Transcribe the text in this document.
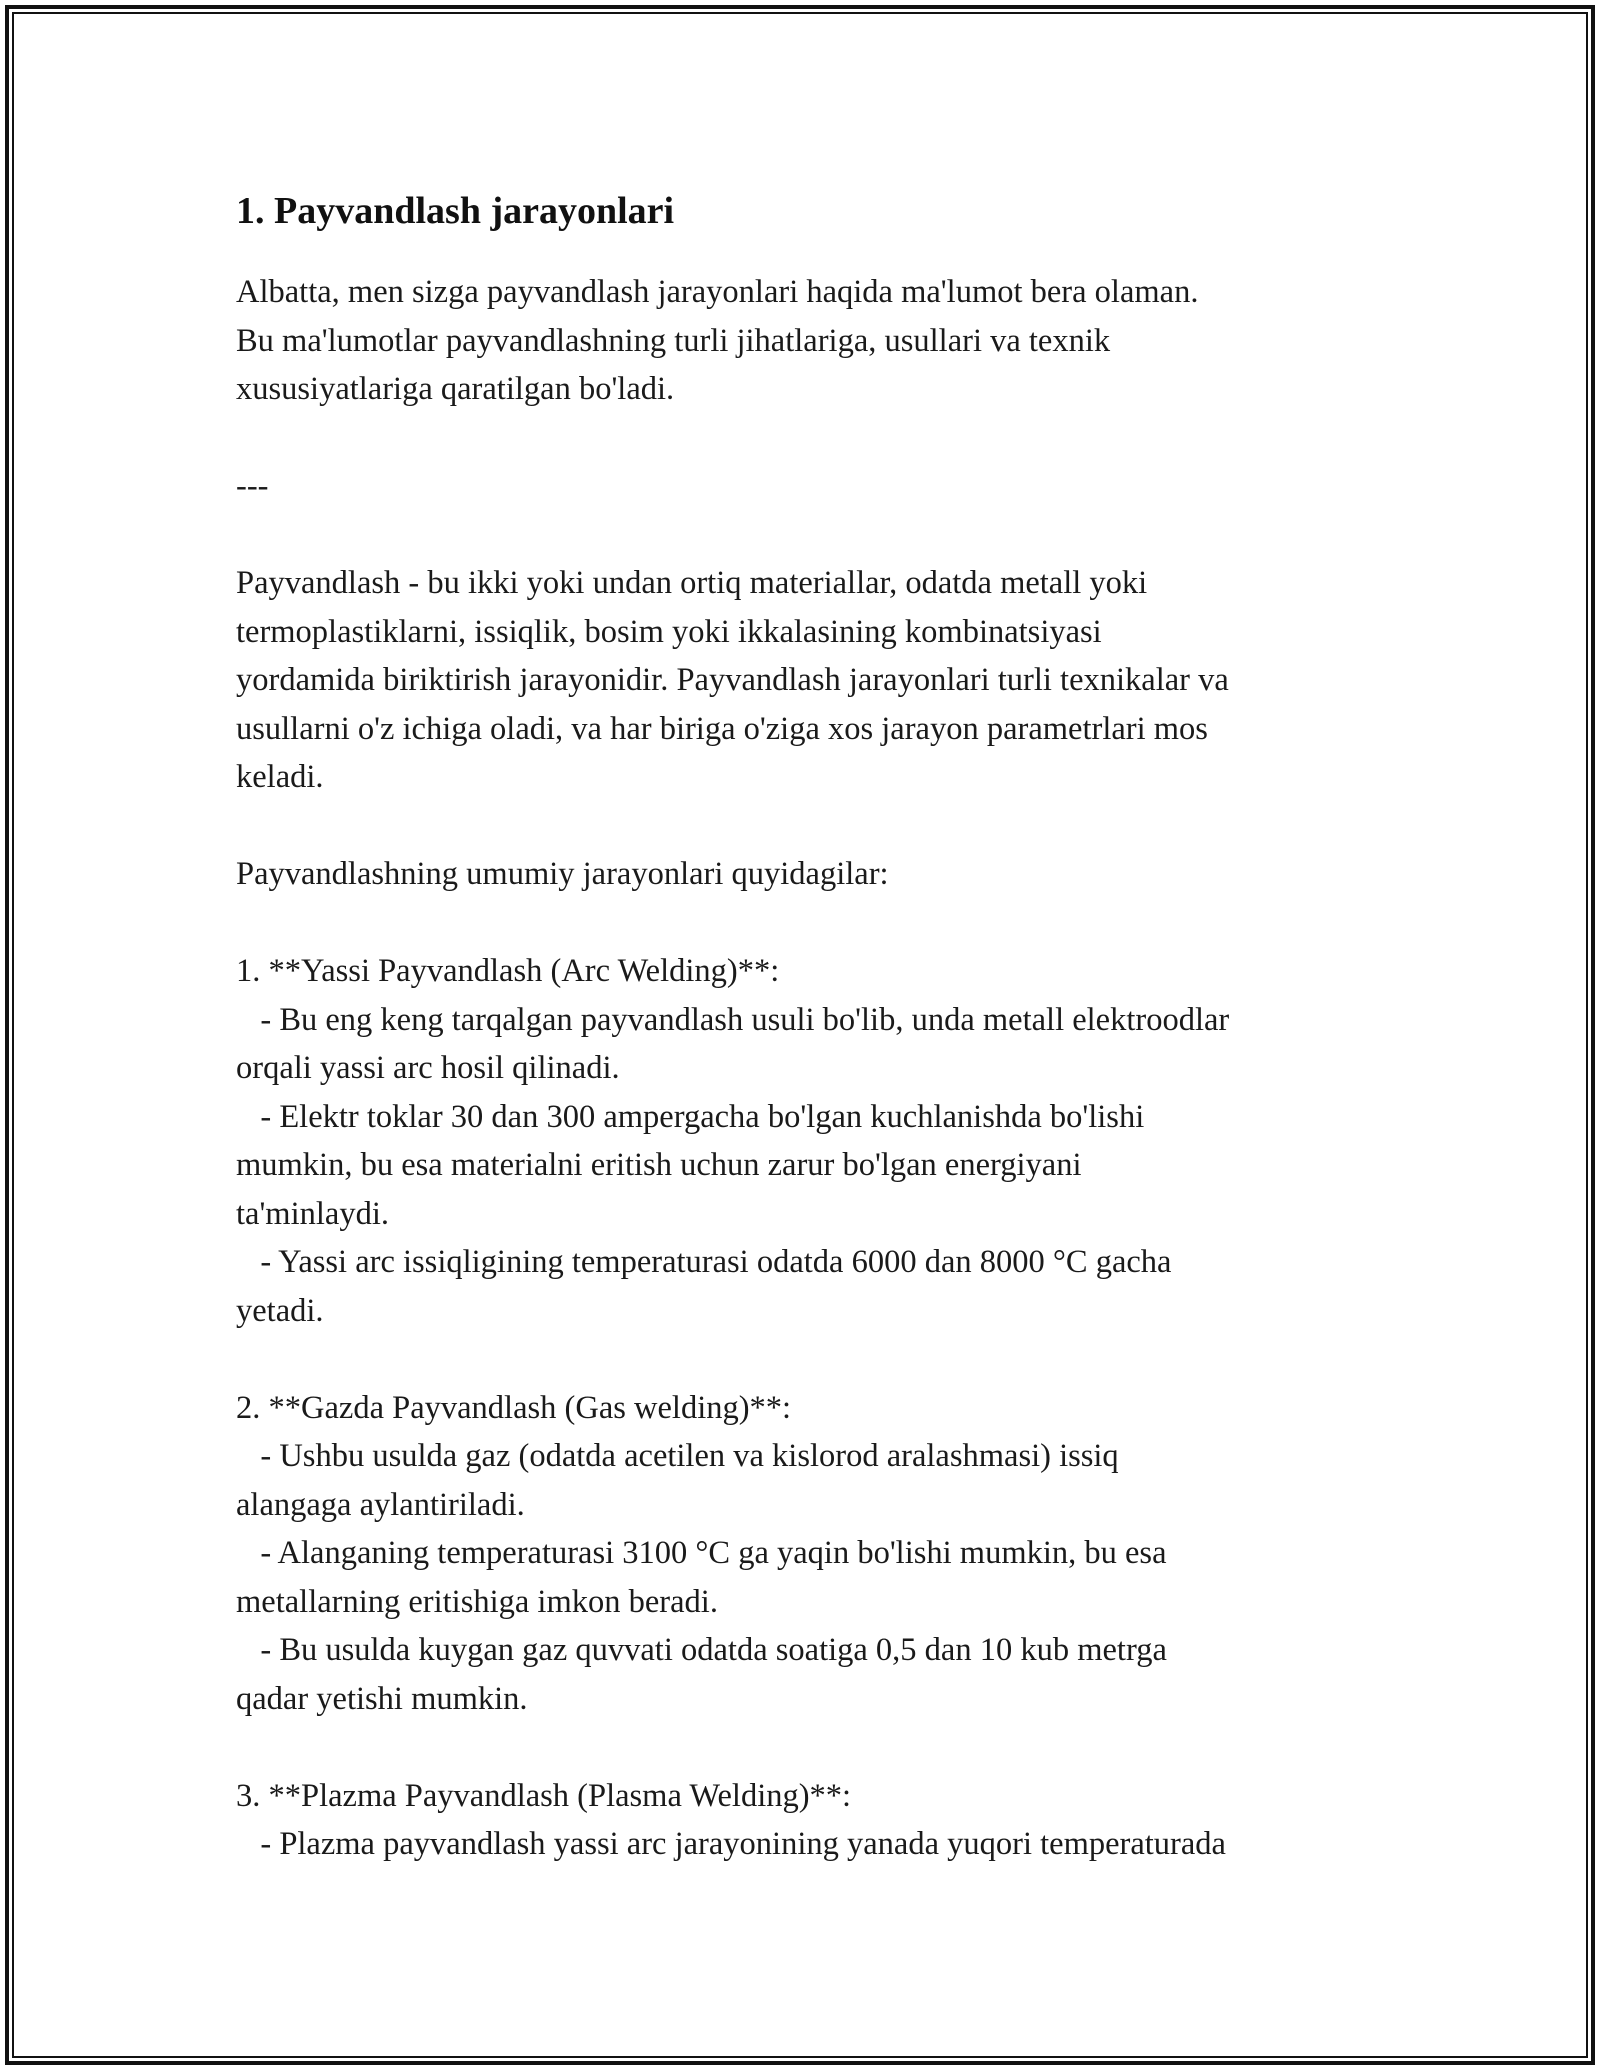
1. Payvandlash jarayonlari

Albatta, men sizga payvandlash jarayonlari haqida ma'lumot bera olaman.

Bu ma'lumotlar payvandlashning turli jihatlariga, usullari va texnik

xususiyatlariga qaratilgan bo'ladi.

---

Payvandlash - bu ikki yoki undan ortiq materiallar, odatda metall yoki

termoplastiklarni, issiqlik, bosim yoki ikkalasining kombinatsiyasi

yordamida biriktirish jarayonidir. Payvandlash jarayonlari turli texnikalar va

usullarni o'z ichiga oladi, va har biriga o'ziga xos jarayon parametrlari mos

keladi.

Payvandlashning umumiy jarayonlari quyidagilar:

1. **Yassi Payvandlash (Arc Welding)**:

- Bu eng keng tarqalgan payvandlash usuli bo'lib, unda metall elektroodlar

orqali yassi arc hosil qilinadi.

- Elektr toklar 30 dan 300 ampergacha bo'lgan kuchlanishda bo'lishi

mumkin, bu esa materialni eritish uchun zarur bo'lgan energiyani

ta'minlaydi.

- Yassi arc issiqligining temperaturasi odatda 6000 dan 8000 °C gacha

yetadi.

2. **Gazda Payvandlash (Gas welding)**:

- Ushbu usulda gaz (odatda acetilen va kislorod aralashmasi) issiq

alangaga aylantiriladi.

- Alanganing temperaturasi 3100 °C ga yaqin bo'lishi mumkin, bu esa

metallarning eritishiga imkon beradi.

- Bu usulda kuygan gaz quvvati odatda soatiga 0,5 dan 10 kub metrga

qadar yetishi mumkin.

3. **Plazma Payvandlash (Plasma Welding)**:

- Plazma payvandlash yassi arc jarayonining yanada yuqori temperaturada
